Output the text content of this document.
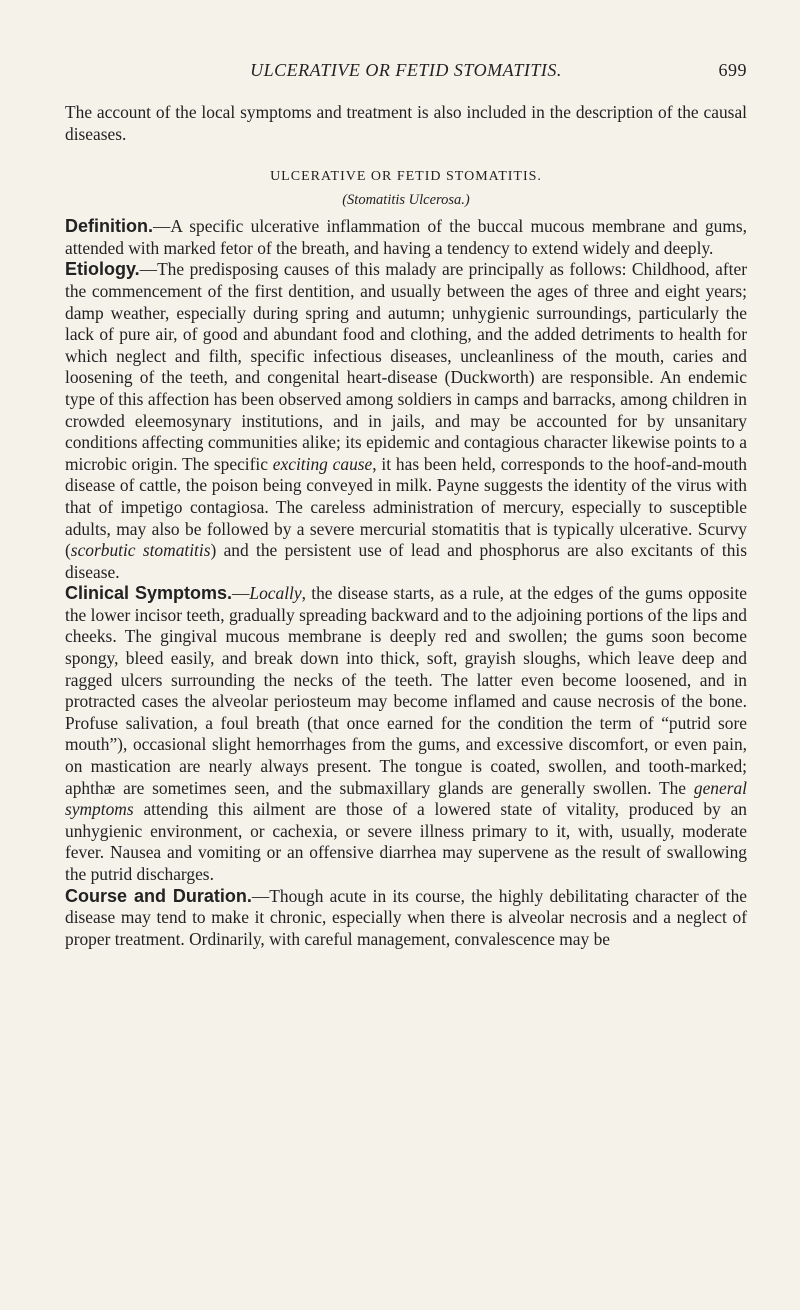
ULCERATIVE OR FETID STOMATITIS.	699

The account of the local symptoms and treatment is also included in the description of the causal diseases.

ULCERATIVE OR FETID STOMATITIS.
(Stomatitis Ulcerosa.)

Definition.—A specific ulcerative inflammation of the buccal mucous membrane and gums, attended with marked fetor of the breath, and having a tendency to extend widely and deeply.

Etiology.—The predisposing causes of this malady are principally as follows: Childhood, after the commencement of the first dentition, and usually between the ages of three and eight years; damp weather, especially during spring and autumn; unhygienic surroundings, particularly the lack of pure air, of good and abundant food and clothing, and the added detriments to health for which neglect and filth, specific infectious diseases, uncleanliness of the mouth, caries and loosening of the teeth, and congenital heart-disease (Duckworth) are responsible. An endemic type of this affection has been observed among soldiers in camps and barracks, among children in crowded eleemosynary institutions, and in jails, and may be accounted for by unsanitary conditions affecting communities alike; its epidemic and contagious character likewise points to a microbic origin. The specific exciting cause, it has been held, corresponds to the hoof-and-mouth disease of cattle, the poison being conveyed in milk. Payne suggests the identity of the virus with that of impetigo contagiosa. The careless administration of mercury, especially to susceptible adults, may also be followed by a severe mercurial stomatitis that is typically ulcerative. Scurvy (scorbutic stomatitis) and the persistent use of lead and phosphorus are also excitants of this disease.

Clinical Symptoms.—Locally, the disease starts, as a rule, at the edges of the gums opposite the lower incisor teeth, gradually spreading backward and to the adjoining portions of the lips and cheeks. The gingival mucous membrane is deeply red and swollen; the gums soon become spongy, bleed easily, and break down into thick, soft, grayish sloughs, which leave deep and ragged ulcers surrounding the necks of the teeth. The latter even become loosened, and in protracted cases the alveolar periosteum may become inflamed and cause necrosis of the bone. Profuse salivation, a foul breath (that once earned for the condition the term of “putrid sore mouth”), occasional slight hemorrhages from the gums, and excessive discomfort, or even pain, on mastication are nearly always present. The tongue is coated, swollen, and tooth-marked; aphthæ are sometimes seen, and the submaxillary glands are generally swollen. The general symptoms attending this ailment are those of a lowered state of vitality, produced by an unhygienic environment, or cachexia, or severe illness primary to it, with, usually, moderate fever. Nausea and vomiting or an offensive diarrhea may supervene as the result of swallowing the putrid discharges.

Course and Duration.—Though acute in its course, the highly debilitating character of the disease may tend to make it chronic, especially when there is alveolar necrosis and a neglect of proper treatment. Ordinarily, with careful management, convalescence may be
